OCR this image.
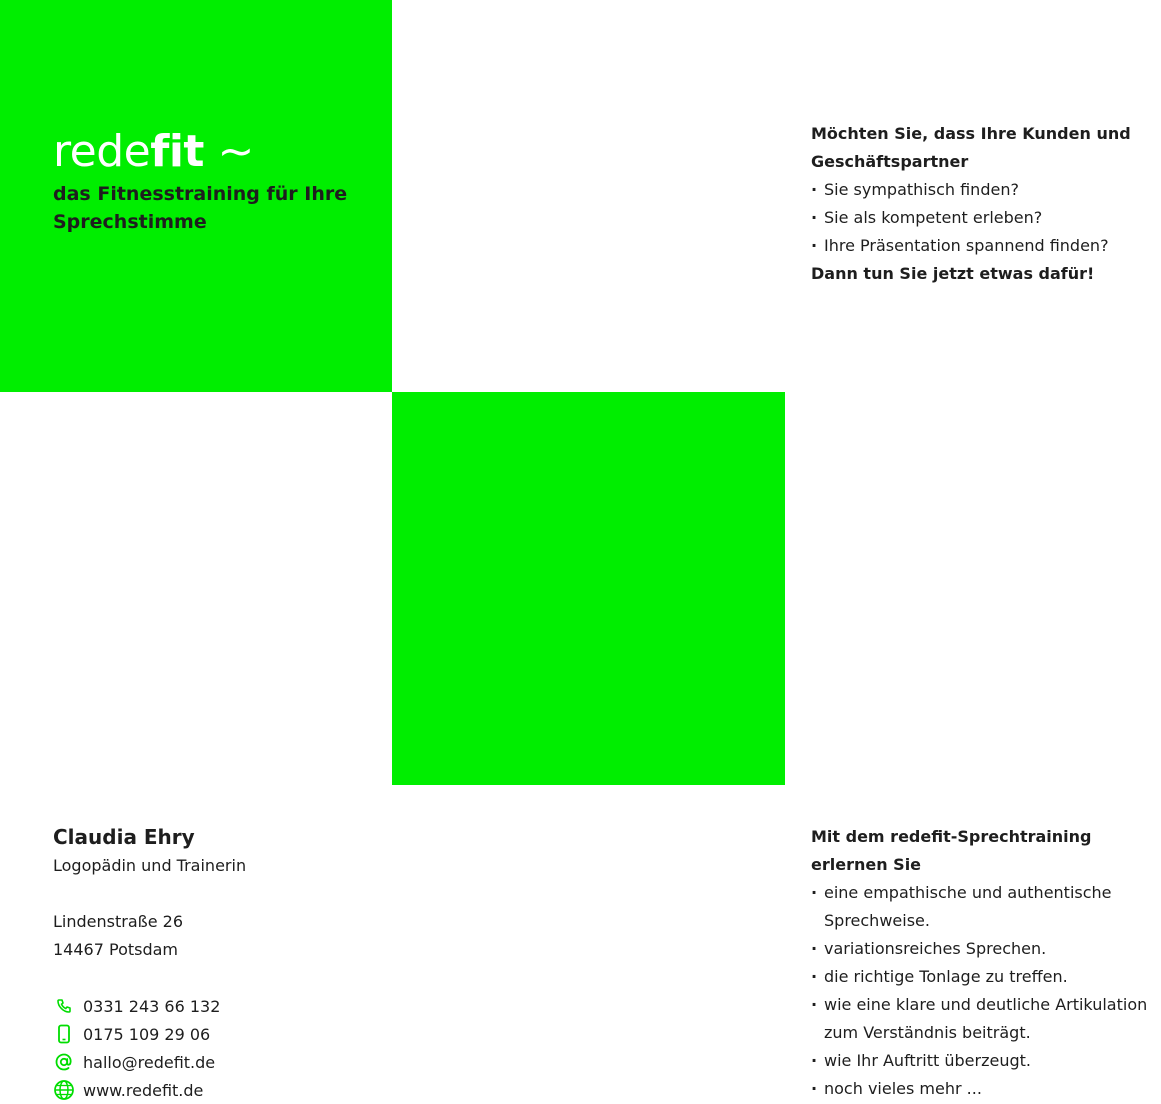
redefit ~
das Fitnesstraining für Ihre Sprechstimme
Möchten Sie, dass Ihre Kunden und Geschäftspartner
· Sie sympathisch finden?
· Sie als kompetent erleben?
· Ihre Präsentation spannend finden?
Dann tun Sie jetzt etwas dafür!
Claudia Ehry
Logopädin und Trainerin
Lindenstraße 26
14467 Potsdam
0331 243 66 132
0175 109 29 06
hallo@redefit.de
www.redefit.de
Mit dem redefit-Sprechtraining erlernen Sie
· eine empathische und authentische Sprechweise.
· variationsreiches Sprechen.
· die richtige Tonlage zu treffen.
· wie eine klare und deutliche Artikulation zum Verständnis beiträgt.
· wie Ihr Auftritt überzeugt.
· noch vieles mehr ...
